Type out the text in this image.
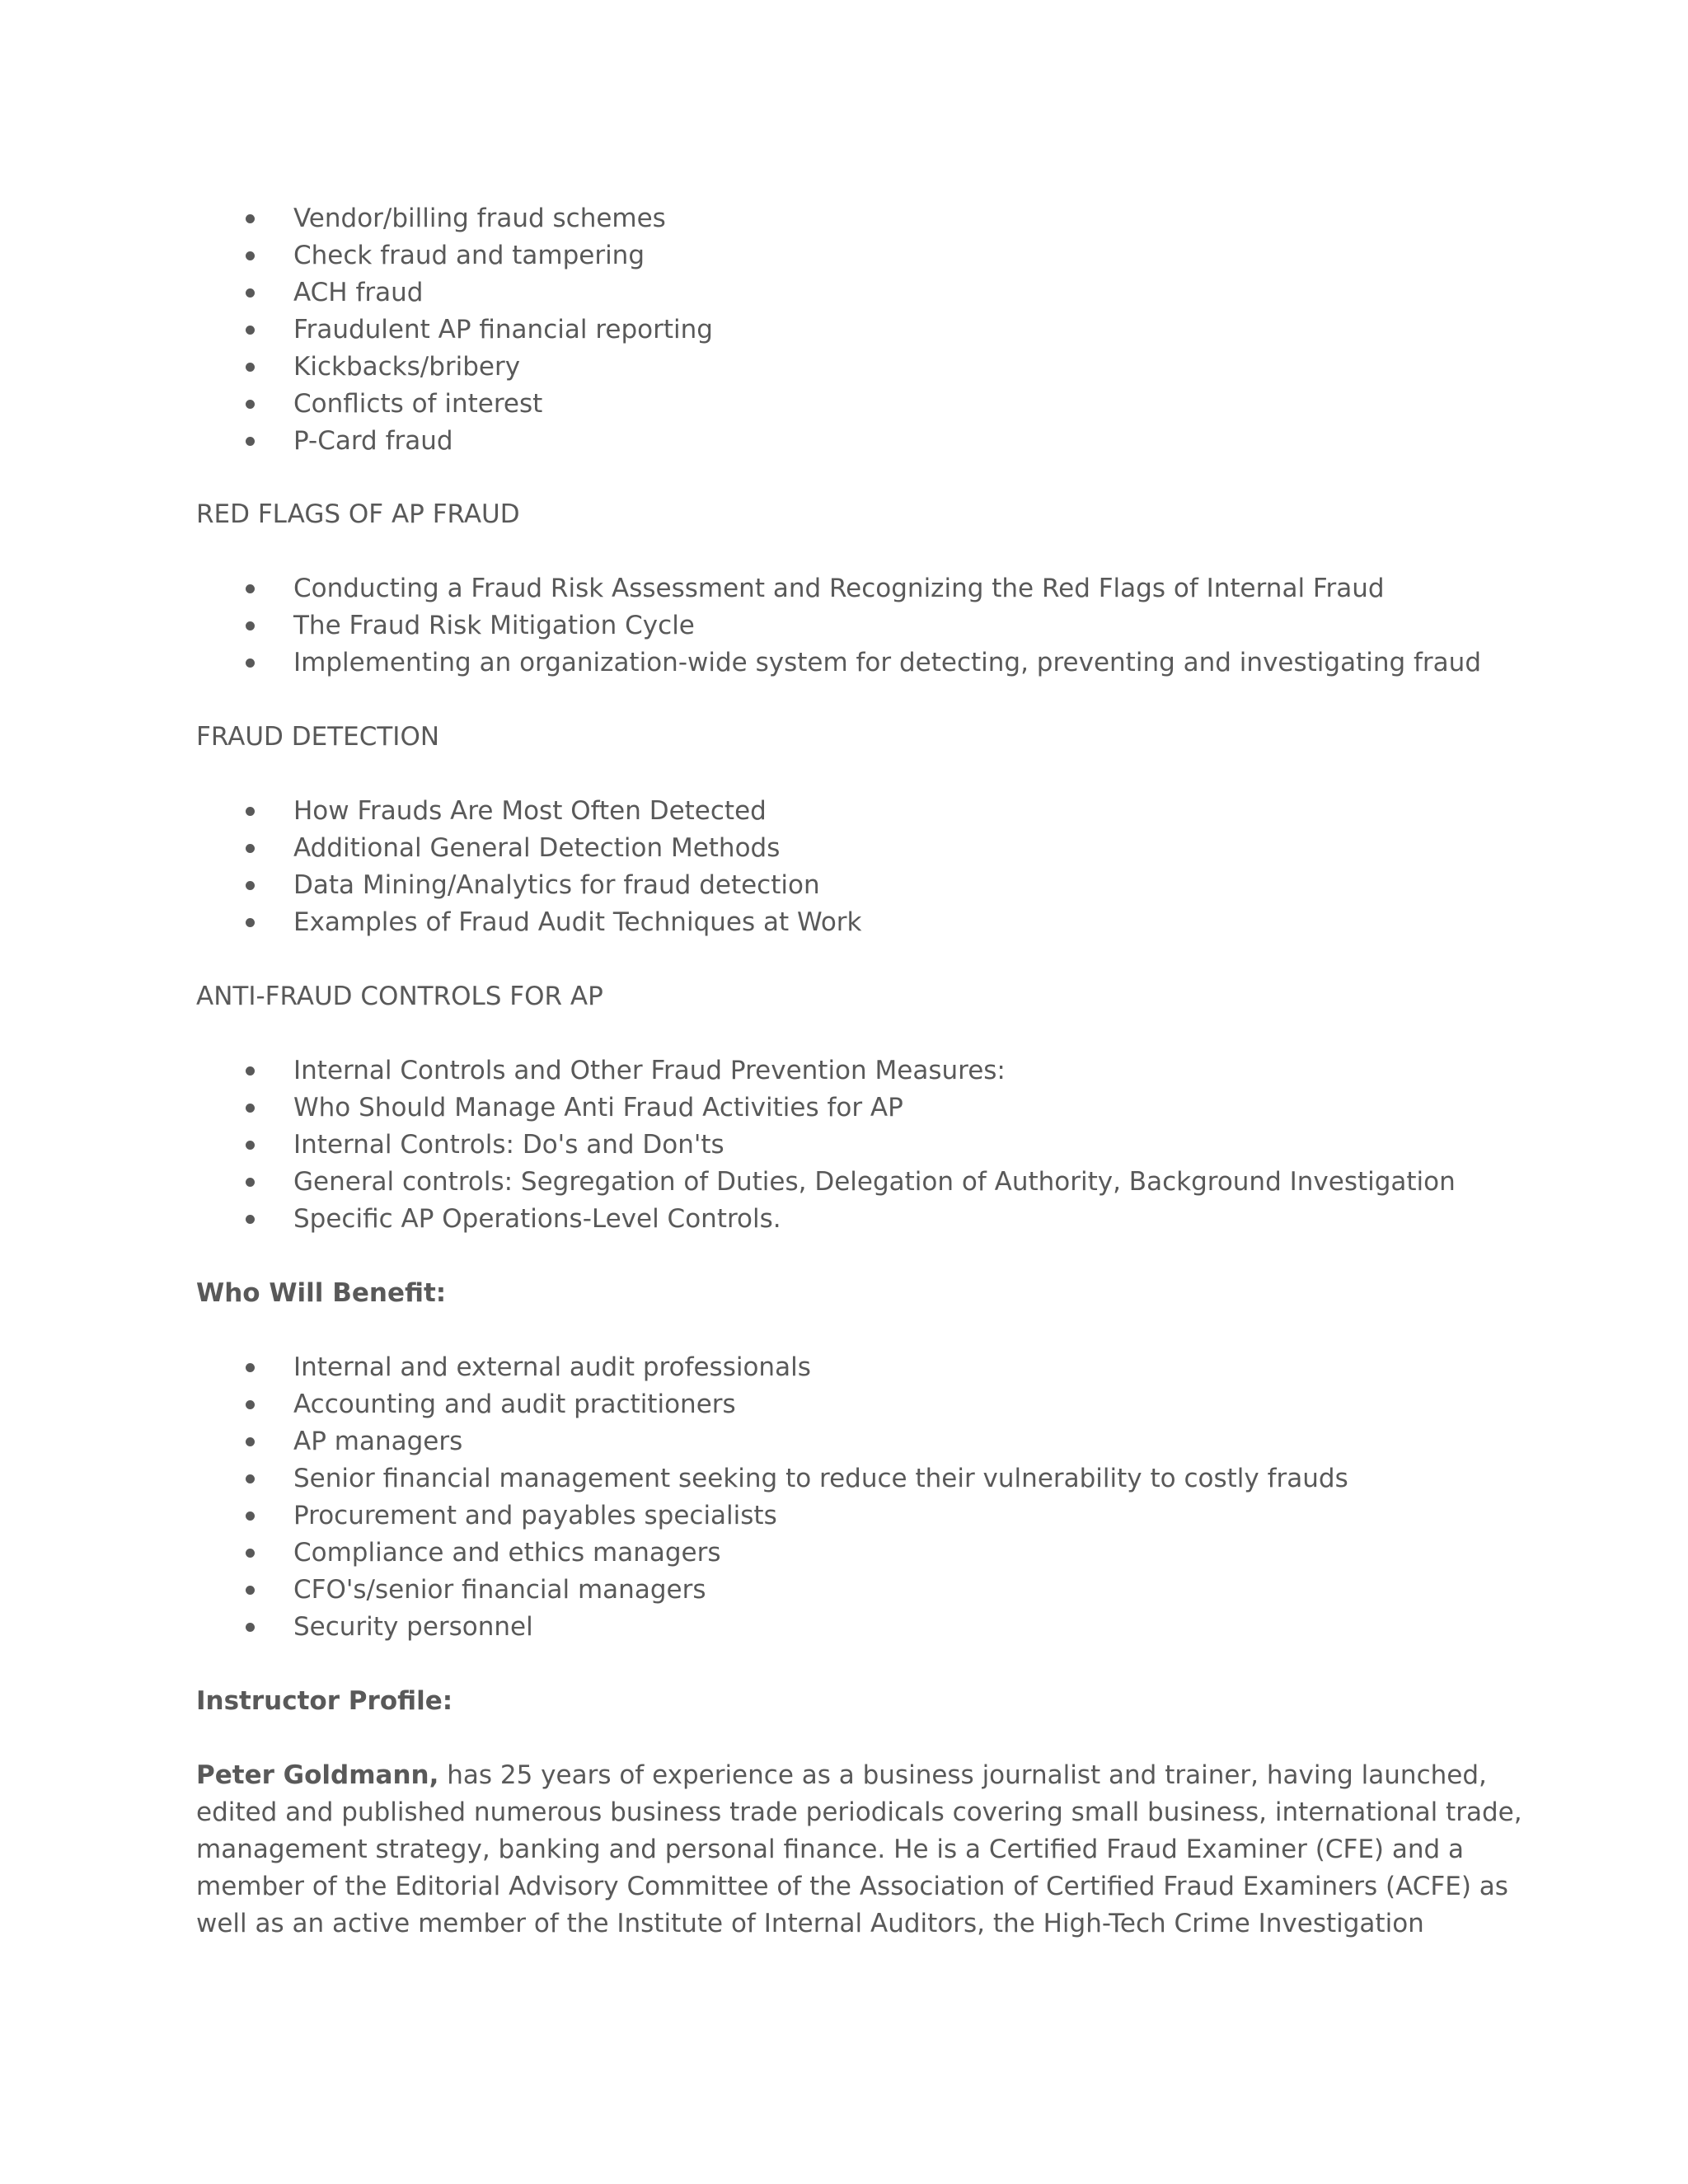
Vendor/billing fraud schemes
Check fraud and tampering
ACH fraud
Fraudulent AP financial reporting
Kickbacks/bribery
Conflicts of interest
P-Card fraud
RED FLAGS OF AP FRAUD
Conducting a Fraud Risk Assessment and Recognizing the Red Flags of Internal Fraud
The Fraud Risk Mitigation Cycle
Implementing an organization-wide system for detecting, preventing and investigating fraud
FRAUD DETECTION
How Frauds Are Most Often Detected
Additional General Detection Methods
Data Mining/Analytics for fraud detection
Examples of Fraud Audit Techniques at Work
ANTI-FRAUD CONTROLS FOR AP
Internal Controls and Other Fraud Prevention Measures:
Who Should Manage Anti Fraud Activities for AP
Internal Controls: Do's and Don'ts
General controls: Segregation of Duties, Delegation of Authority, Background Investigation
Specific AP Operations-Level Controls.
Who Will Benefit:
Internal and external audit professionals
Accounting and audit practitioners
AP managers
Senior financial management seeking to reduce their vulnerability to costly frauds
Procurement and payables specialists
Compliance and ethics managers
CFO's/senior financial managers
Security personnel
Instructor Profile:
Peter Goldmann, has 25 years of experience as a business journalist and trainer, having launched,
edited and published numerous business trade periodicals covering small business, international trade,
management strategy, banking and personal finance. He is a Certified Fraud Examiner (CFE) and a
member of the Editorial Advisory Committee of the Association of Certified Fraud Examiners (ACFE) as
well as an active member of the Institute of Internal Auditors, the High-Tech Crime Investigation
